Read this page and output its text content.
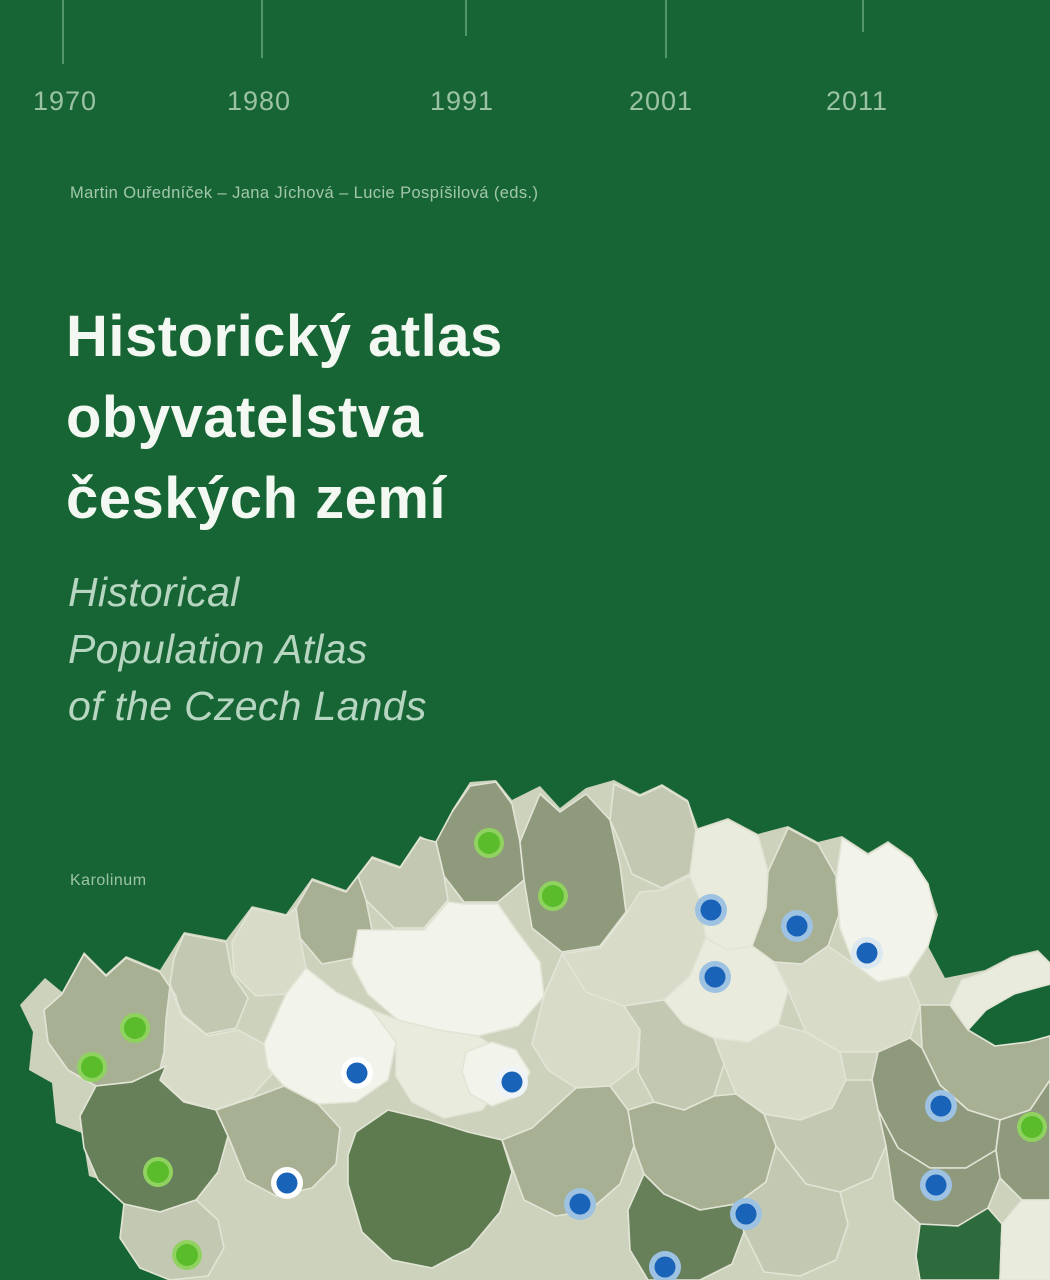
1970	1980	1991	2001	2011
Martin Ouředníček – Jana Jíchová – Lucie Pospíšilová (eds.)
Historický atlas
obyvatelstva
českých zemí
Historical
Population Atlas
of the Czech Lands
Karolinum
